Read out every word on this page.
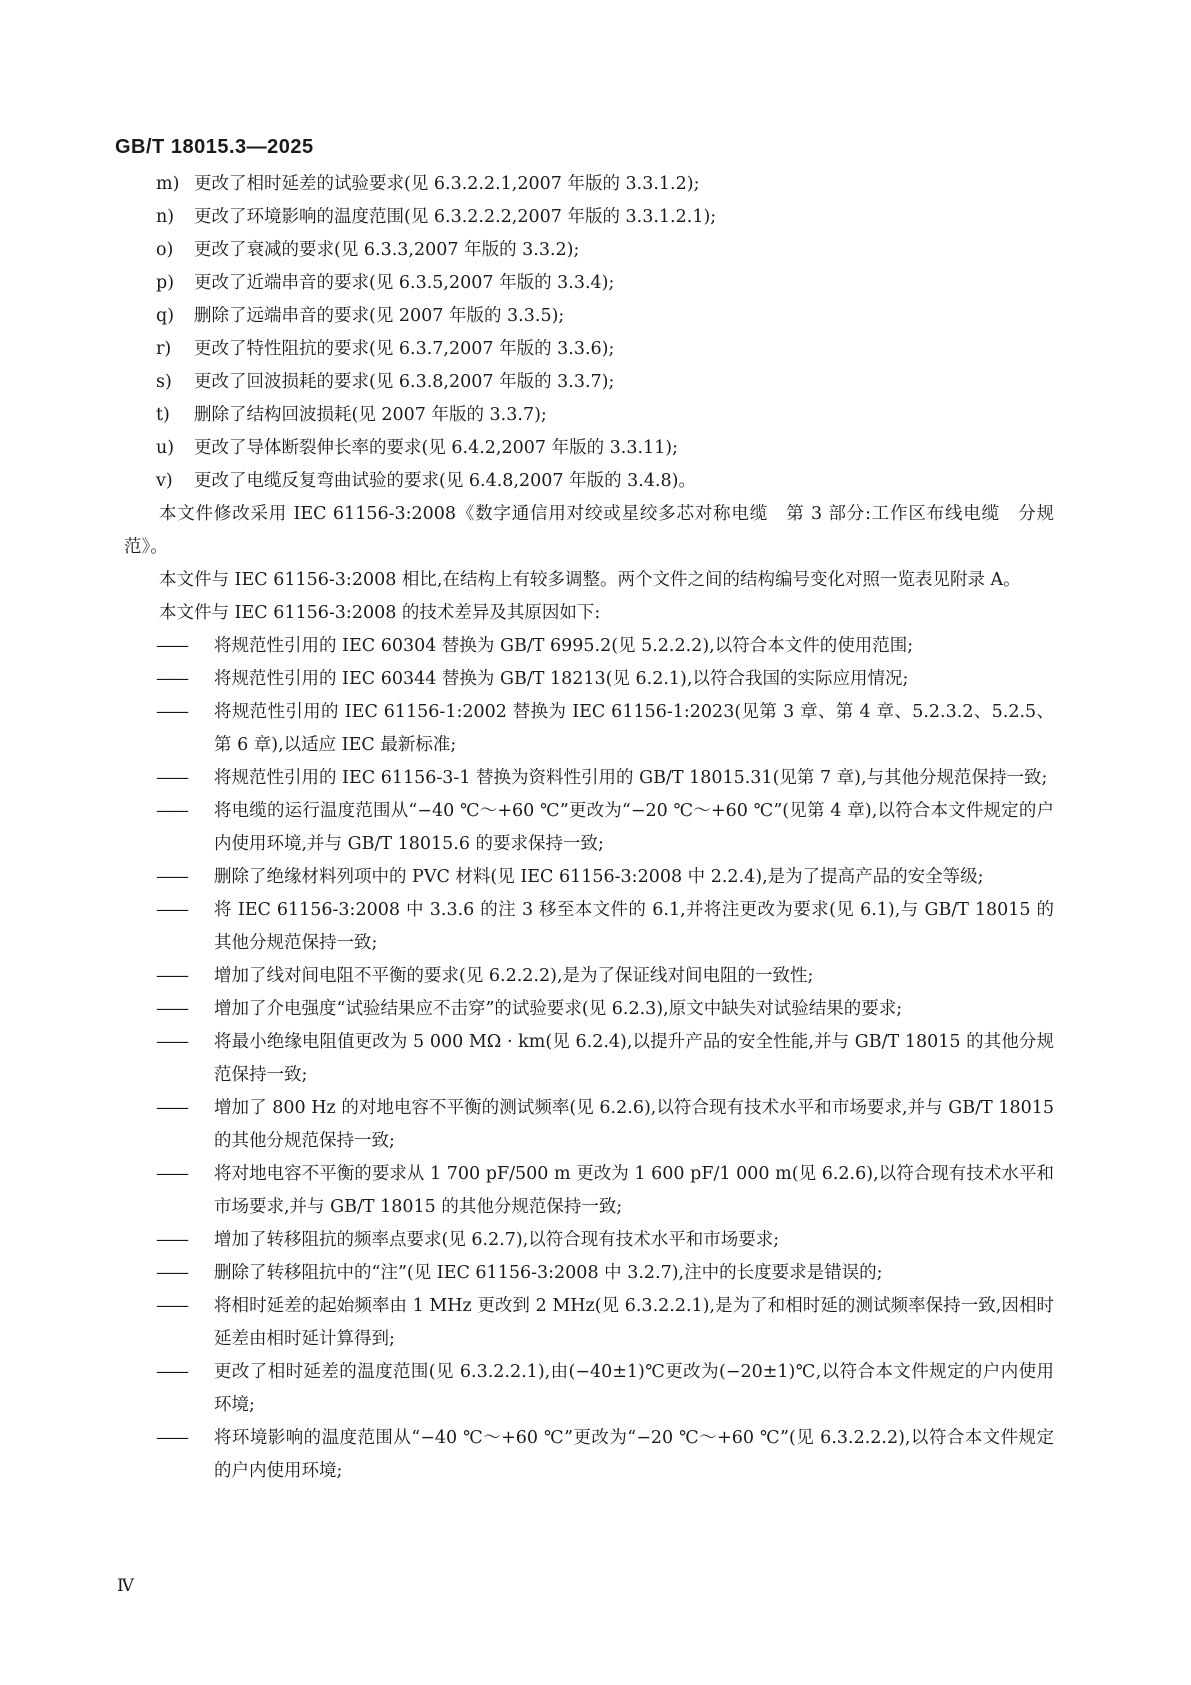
GB/T 18015.3—2025
m) 更改了相时延差的试验要求(见 6.3.2.2.1,2007 年版的 3.3.1.2);
n)	更改了环境影响的温度范围(见 6.3.2.2.2,2007 年版的 3.3.1.2.1);
o)	更改了衰减的要求(见 6.3.3,2007 年版的 3.3.2);
p)	更改了近端串音的要求(见 6.3.5,2007 年版的 3.3.4);
q)	删除了远端串音的要求(见 2007 年版的 3.3.5);
r)	更改了特性阻抗的要求(见 6.3.7,2007 年版的 3.3.6);
s)	更改了回波损耗的要求(见 6.3.8,2007 年版的 3.3.7);
t)	删除了结构回波损耗(见 2007 年版的 3.3.7);
u)	更改了导体断裂伸长率的要求(见 6.4.2,2007 年版的 3.3.11);
v)	更改了电缆反复弯曲试验的要求(见 6.4.8,2007 年版的 3.4.8)。
本文件修改采用 IEC 61156-3:2008《数字通信用对绞或星绞多芯对称电缆　第 3 部分:工作区布线电缆　分规范》。
本文件与 IEC 61156-3:2008 相比,在结构上有较多调整。两个文件之间的结构编号变化对照一览表见附录 A。
本文件与 IEC 61156-3:2008 的技术差异及其原因如下:
——	将规范性引用的 IEC 60304 替换为 GB/T 6995.2(见 5.2.2.2),以符合本文件的使用范围;
——	将规范性引用的 IEC 60344 替换为 GB/T 18213(见 6.2.1),以符合我国的实际应用情况;
——	将规范性引用的 IEC 61156-1:2002 替换为 IEC 61156-1:2023(见第 3 章、第 4 章、5.2.3.2、5.2.5、第 6 章),以适应 IEC 最新标准;
——	将规范性引用的 IEC 61156-3-1 替换为资料性引用的 GB/T 18015.31(见第 7 章),与其他分规范保持一致;
——	将电缆的运行温度范围从“−40 ℃～+60 ℃”更改为“−20 ℃～+60 ℃”(见第 4 章),以符合本文件规定的户内使用环境,并与 GB/T 18015.6 的要求保持一致;
——	删除了绝缘材料列项中的 PVC 材料(见 IEC 61156-3:2008 中 2.2.4),是为了提高产品的安全等级;
——	将 IEC 61156-3:2008 中 3.3.6 的注 3 移至本文件的 6.1,并将注更改为要求(见 6.1),与 GB/T 18015 的其他分规范保持一致;
——	增加了线对间电阻不平衡的要求(见 6.2.2.2),是为了保证线对间电阻的一致性;
——	增加了介电强度“试验结果应不击穿”的试验要求(见 6.2.3),原文中缺失对试验结果的要求;
——	将最小绝缘电阻值更改为 5 000 MΩ · km(见 6.2.4),以提升产品的安全性能,并与 GB/T 18015 的其他分规范保持一致;
——	增加了 800 Hz 的对地电容不平衡的测试频率(见 6.2.6),以符合现有技术水平和市场要求,并与 GB/T 18015 的其他分规范保持一致;
——	将对地电容不平衡的要求从 1 700 pF/500 m 更改为 1 600 pF/1 000 m(见 6.2.6),以符合现有技术水平和市场要求,并与 GB/T 18015 的其他分规范保持一致;
——	增加了转移阻抗的频率点要求(见 6.2.7),以符合现有技术水平和市场要求;
——	删除了转移阻抗中的“注”(见 IEC 61156-3:2008 中 3.2.7),注中的长度要求是错误的;
——	将相时延差的起始频率由 1 MHz 更改到 2 MHz(见 6.3.2.2.1),是为了和相时延的测试频率保持一致,因相时延差由相时延计算得到;
——	更改了相时延差的温度范围(见 6.3.2.2.1),由(−40±1)℃更改为(−20±1)℃,以符合本文件规定的户内使用环境;
——	将环境影响的温度范围从“−40 ℃～+60 ℃”更改为“−20 ℃～+60 ℃”(见 6.3.2.2.2),以符合本文件规定的户内使用环境;
Ⅳ
